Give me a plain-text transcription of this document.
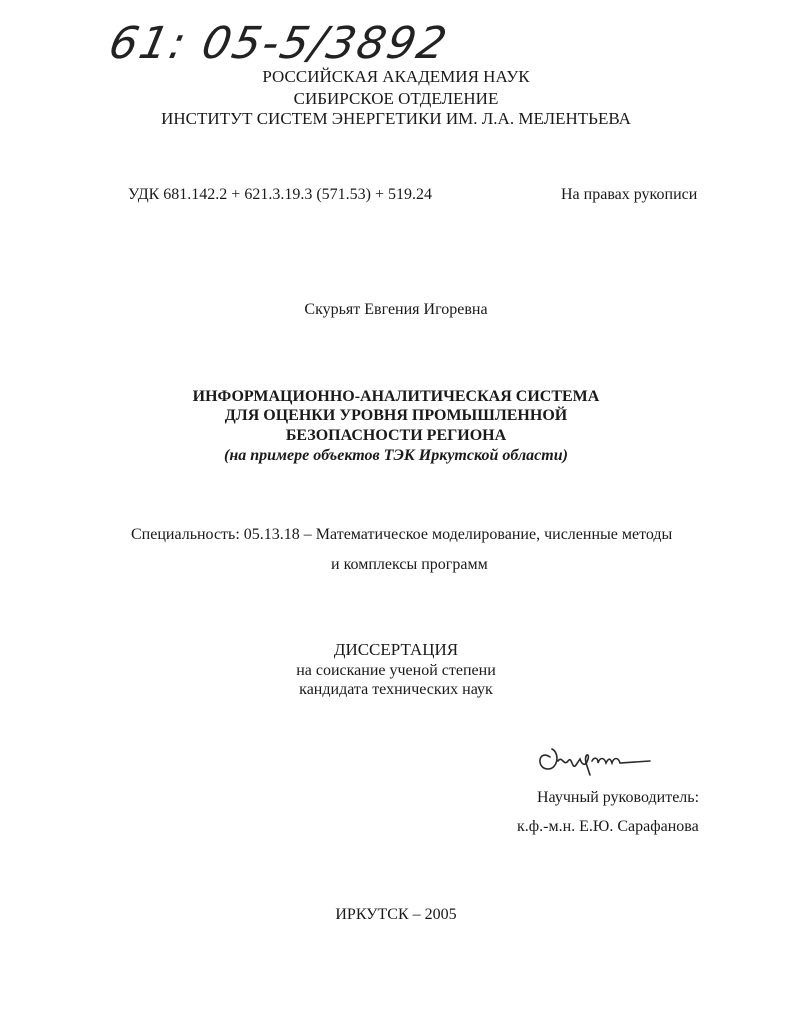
61: 05-5/3892
РОССИЙСКАЯ АКАДЕМИЯ НАУК
СИБИРСКОЕ ОТДЕЛЕНИЕ
ИНСТИТУТ СИСТЕМ ЭНЕРГЕТИКИ ИМ. Л.А. МЕЛЕНТЬЕВА
УДК 681.142.2 + 621.3.19.3 (571.53) + 519.24	На правах рукописи
Скурьят Евгения Игоревна
ИНФОРМАЦИОННО-АНАЛИТИЧЕСКАЯ СИСТЕМА
ДЛЯ ОЦЕНКИ УРОВНЯ ПРОМЫШЛЕННОЙ
БЕЗОПАСНОСТИ РЕГИОНА
(на примере объектов ТЭК Иркутской области)
Специальность: 05.13.18 – Математическое моделирование, численные методы
и комплексы программ
ДИССЕРТАЦИЯ
на соискание ученой степени
кандидата технических наук
Научный руководитель:
к.ф.-м.н. Е.Ю. Сарафанова
ИРКУТСК – 2005
